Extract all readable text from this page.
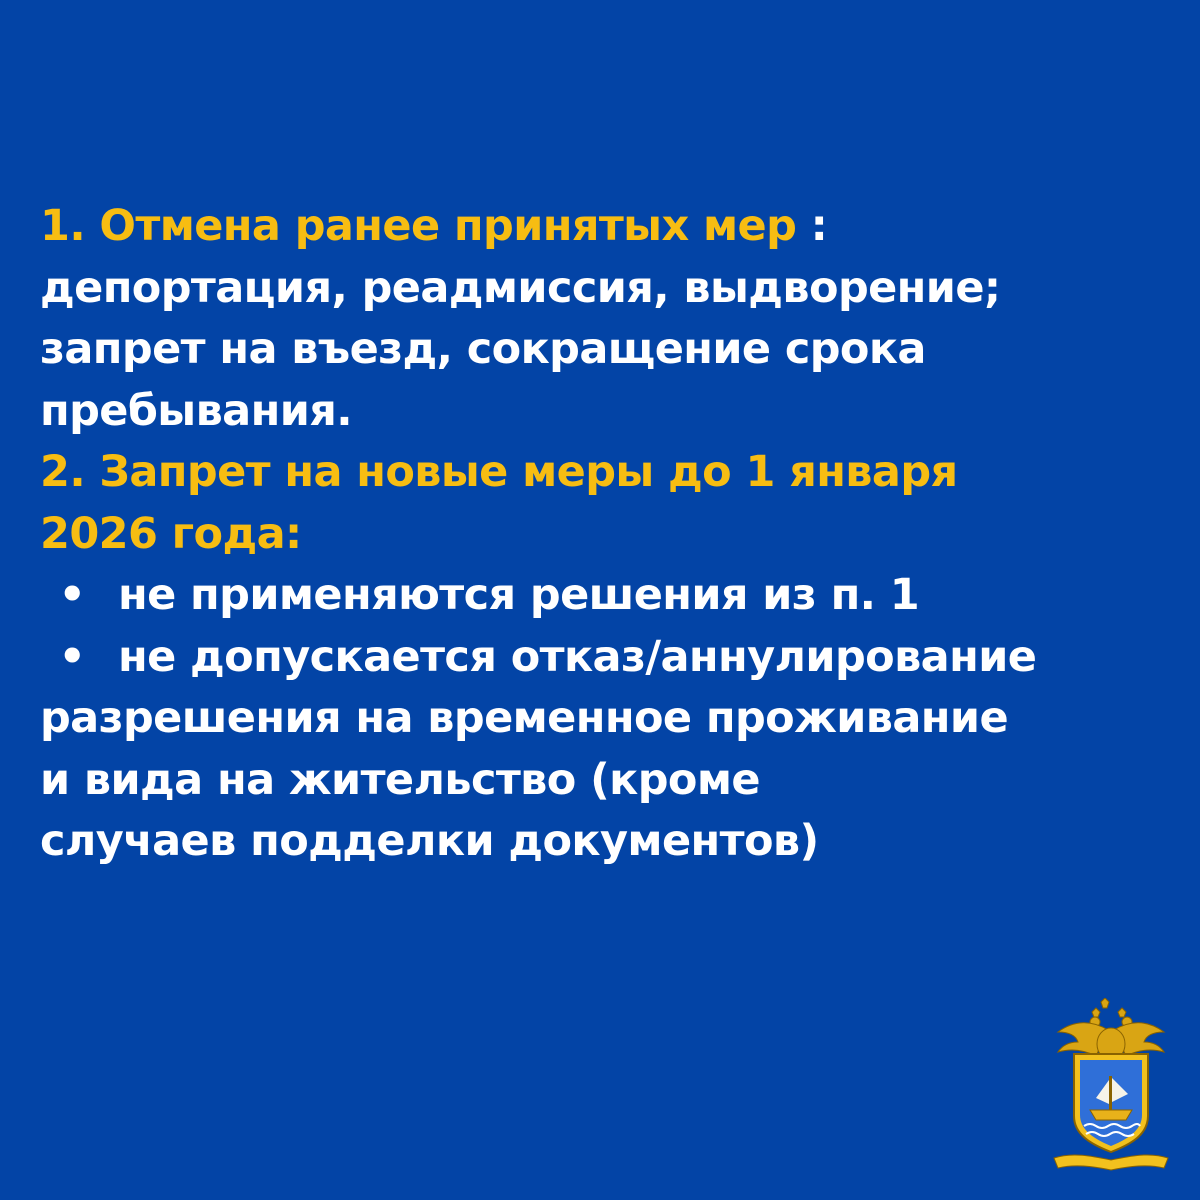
1. Отмена ранее принятых мер :
депортация, реадмиссия, выдворение;
запрет на въезд, сокращение срока
пребывания.
2. Запрет на новые меры до 1 января
2026 года:
• не применяются решения из п. 1
• не допускается отказ/аннулирование
разрешения на временное проживание
и вида на жительство (кроме
случаев подделки документов)
